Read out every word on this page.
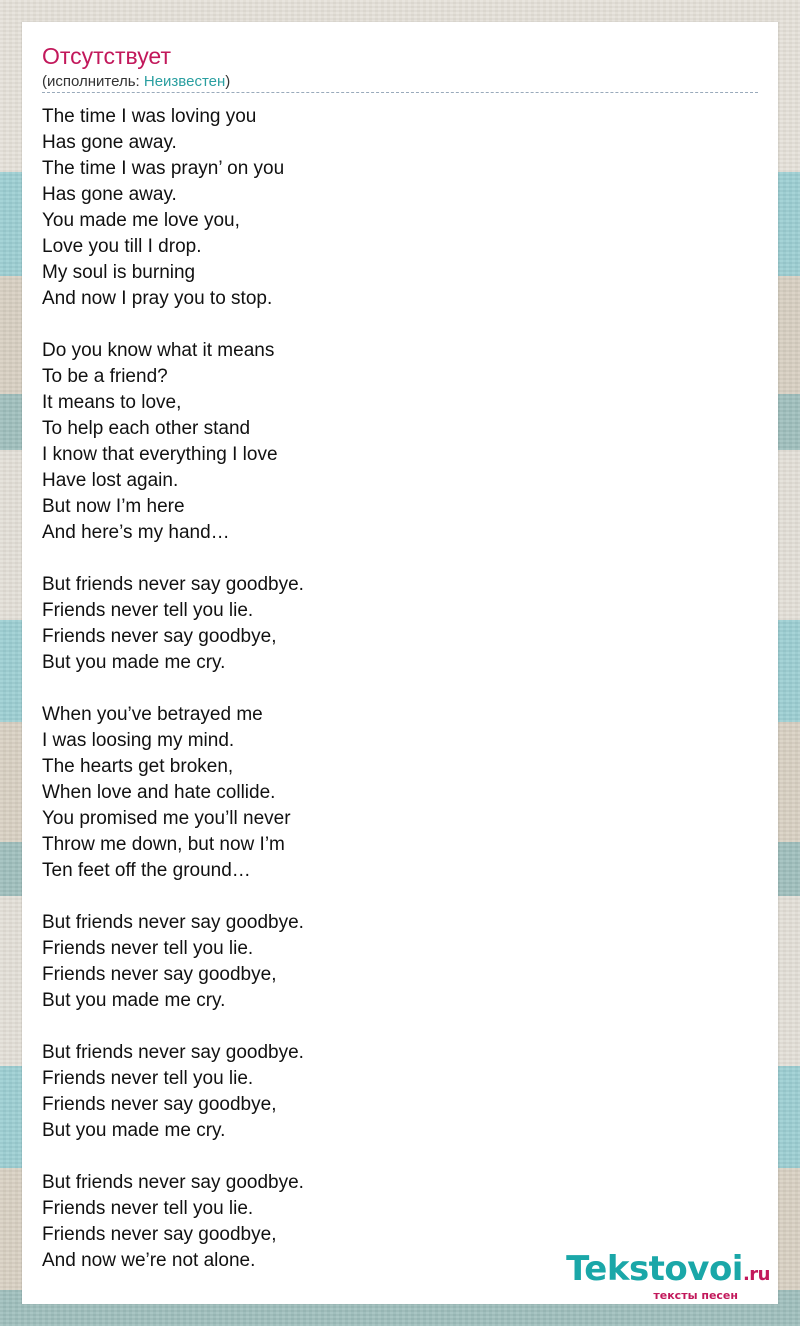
Отсутствует
(исполнитель: Неизвестен)
The time I was loving you
Has gone away.
The time I was prayn’ on you
Has gone away.
You made me love you,
Love you till I drop.
My soul is burning
And now I pray you to stop.
Do you know what it means
To be a friend?
It means to love,
To help each other stand
I know that everything I love
Have lost again.
But now I’m here
And here’s my hand…
But friends never say goodbye.
Friends never tell you lie.
Friends never say goodbye,
But you made me cry.
When you’ve betrayed me
I was loosing my mind.
The hearts get broken,
When love and hate collide.
You promised me you’ll never
Throw me down, but now I’m
Ten feet off the ground…
But friends never say goodbye.
Friends never tell you lie.
Friends never say goodbye,
But you made me cry.
But friends never say goodbye.
Friends never tell you lie.
Friends never say goodbye,
But you made me cry.
But friends never say goodbye.
Friends never tell you lie.
Friends never say goodbye,
And now we’re not alone.	Tekstovoi.ru
тексты песен
